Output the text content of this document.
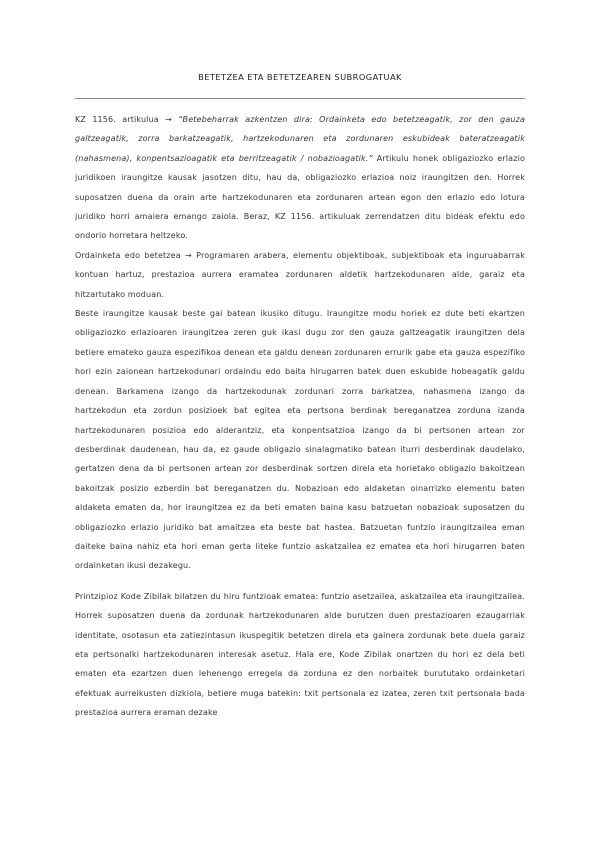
BETETZEA ETA BETETZEAREN SUBROGATUAK

KZ 1156. artikulua → “Betebeharrak azkentzen dira: Ordainketa edo betetzeagatik, zor den gauza galtzeagatik, zorra barkatzeagatik, hartzekodunaren eta zordunaren eskubideak bateratzeagatik (nahasmena), konpentsazioagatik eta berritzeagatik / nobazioagatik.” Artikulu honek obligaziozko erlazio juridikoen iraungitze kausak jasotzen ditu, hau da, obligaziozko erlazioa noiz iraungitzen den. Horrek suposatzen duena da orain arte hartzekodunaren eta zordunaren artean egon den erlazio edo lotura juridiko horri amaiera emango zaiola. Beraz, KZ 1156. artikuluak zerrendatzen ditu bideak efektu edo ondorio horretara heltzeko.

Ordainketa edo betetzea → Programaren arabera, elementu objektiboak, subjektiboak eta inguruabarrak kontuan hartuz, prestazioa aurrera eramatea zordunaren aldetik hartzekodunaren alde, garaiz eta hitzartutako moduan.

Beste iraungitze kausak beste gai batean ikusiko ditugu. Iraungitze modu horiek ez dute beti ekartzen obligaziozko erlazioaren iraungitzea zeren guk ikasi dugu zor den gauza galtzeagatik iraungitzen dela betiere emateko gauza espezifikoa denean eta galdu denean zordunaren errurik gabe eta gauza espezifiko hori ezin zaionean hartzekodunari ordaindu edo baita hirugarren batek duen eskubide hobeagatik galdu denean. Barkamena izango da hartzekodunak zordunari zorra barkatzea, nahasmena izango da hartzekodun eta zordun posizioek bat egitea eta pertsona berdinak bereganatzea zorduna izanda hartzekodunaren posizioa edo alderantziz, eta konpentsatzioa izango da bi pertsonen artean zor desberdinak daudenean, hau da, ez gaude obligazio sinalagmatiko batean iturri desberdinak daudelako, gertatzen dena da bi pertsonen artean zor desberdinak sortzen direla eta horietako obligazio bakoitzean bakoitzak posizio ezberdin bat bereganatzen du. Nobazioan edo aldaketan oinarrizko elementu baten aldaketa ematen da, hor iraungitzea ez da beti ematen baina kasu batzuetan nobazioak suposatzen du obligaziozko erlazio juridiko bat amaitzea eta beste bat hastea. Batzuetan funtzio iraungitzailea eman daiteke baina nahiz eta hori eman gerta liteke funtzio askatzailea ez ematea eta hori hirugarren baten ordainketan ikusi dezakegu.

Printzipioz Kode Zibilak bilatzen du hiru funtzioak ematea: funtzio asetzailea, askatzailea eta iraungitzailea. Horrek suposatzen duena da zordunak hartzekodunaren alde burutzen duen prestazioaren ezaugarriak identitate, osotasun eta zatiezintasun ikuspegitik betetzen direla eta gainera zordunak bete duela garaiz eta pertsonalki hartzekodunaren interesak asetuz. Hala ere, Kode Zibilak onartzen du hori ez dela beti ematen eta ezartzen duen lehenengo erregela da zorduna ez den norbaitek burututako ordainketari efektuak aurreikusten dizkiola, betiere muga batekin: txit pertsonala ez izatea, zeren txit pertsonala bada prestazioa aurrera eraman dezake
